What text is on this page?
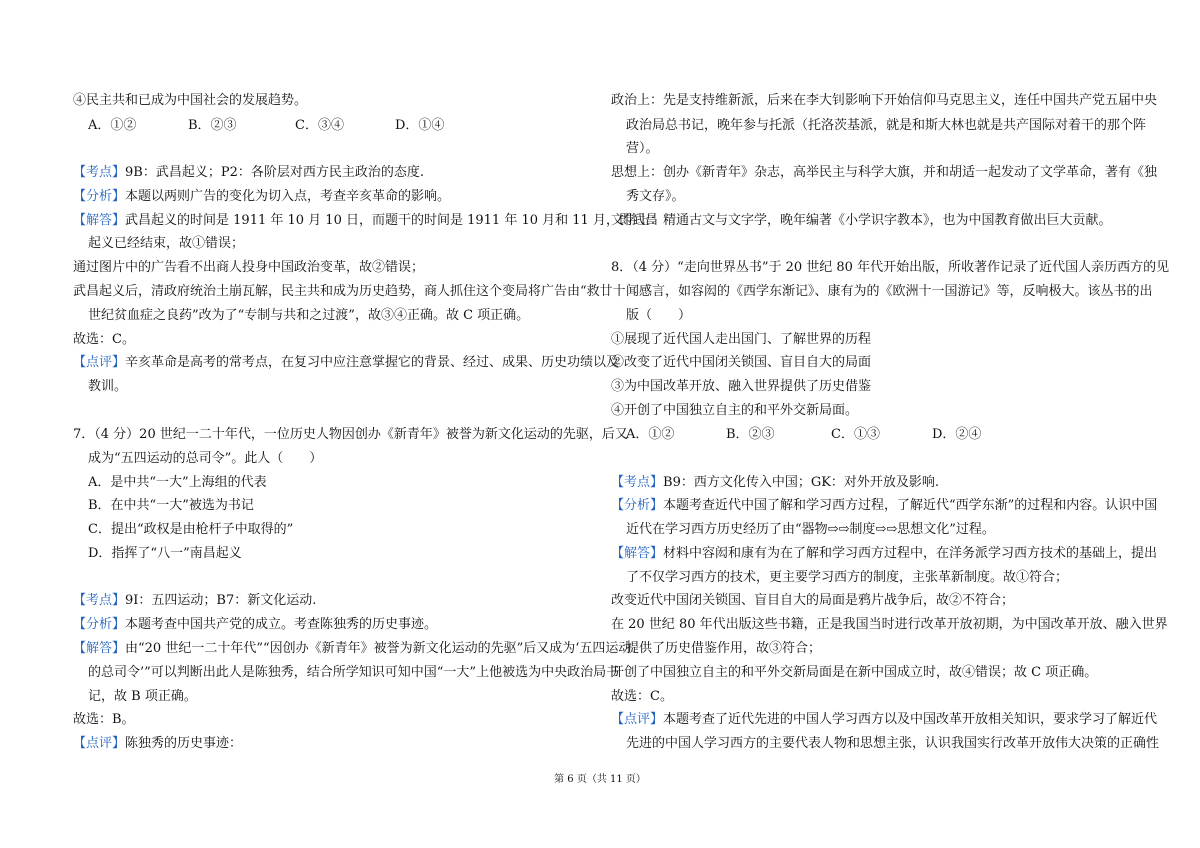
④民主共和已成为中国社会的发展趋势。
A．①②	B．②③	C．③④	D．①④
【考点】9B：武昌起义；P2：各阶层对西方民主政治的态度.
【分析】本题以两则广告的变化为切入点，考查辛亥革命的影响。
【解答】武昌起义的时间是 1911 年 10 月 10 日，而题干的时间是 1911 年 10 月和 11 月，即武昌
起义已经结束，故①错误；
通过图片中的广告看不出商人投身中国政治变革，故②错误；
武昌起义后，清政府统治土崩瓦解，民主共和成为历史趋势，商人抓住这个变局将广告由“救廿十
世纪贫血症之良药”改为了“专制与共和之过渡”，故③④正确。故 C 项正确。
故选：C。
【点评】辛亥革命是高考的常考点，在复习中应注意掌握它的背景、经过、成果、历史功绩以及
教训。
7．（4 分）20 世纪一二十年代，一位历史人物因创办《新青年》被誉为新文化运动的先驱，后又
成为“五四运动的总司令”。此人（　　）
A．是中共“一大”上海组的代表
B．在中共“一大”被选为书记
C．提出“政权是由枪杆子中取得的”
D．指挥了“八一”南昌起义
【考点】9I：五四运动；B7：新文化运动.
【分析】本题考查中国共产党的成立。考查陈独秀的历史事迹。
【解答】由“20 世纪一二十年代”“因创办《新青年》被誉为新文化运动的先驱”后又成为‘五四运动
的总司令’”可以判断出此人是陈独秀，结合所学知识可知中国“一大”上他被选为中央政治局书
记，故 B 项正确。
故选：B。
【点评】陈独秀的历史事迹：
政治上：先是支持维新派，后来在李大钊影响下开始信仰马克思主义，连任中国共产党五届中央
政治局总书记，晚年参与托派（托洛茨基派，就是和斯大林也就是共产国际对着干的那个阵
营）。
思想上：创办《新青年》杂志，高举民主与科学大旗，并和胡适一起发动了文学革命，著有《独
秀文存》。
文学上：精通古文与文字学，晚年编著《小学识字教本》，也为中国教育做出巨大贡献。
8．（4 分）“走向世界丛书”于 20 世纪 80 年代开始出版，所收著作记录了近代国人亲历西方的见
闻感言，如容闳的《西学东渐记》、康有为的《欧洲十一国游记》等，反响极大。该丛书的出
版（　　）
①展现了近代国人走出国门、了解世界的历程
②改变了近代中国闭关锁国、盲目自大的局面
③为中国改革开放、融入世界提供了历史借鉴
④开创了中国独立自主的和平外交新局面。
A．①②	B．②③	C．①③	D．②④
【考点】B9：西方文化传入中国；GK：对外开放及影响.
【分析】本题考查近代中国了解和学习西方过程，了解近代“西学东渐”的过程和内容。认识中国
近代在学习西方历史经历了由“器物⇨⇨制度⇨⇨思想文化”过程。
【解答】材料中容闳和康有为在了解和学习西方过程中，在洋务派学习西方技术的基础上，提出
了不仅学习西方的技术，更主要学习西方的制度，主张革新制度。故①符合；
改变近代中国闭关锁国、盲目自大的局面是鸦片战争后，故②不符合；
在 20 世纪 80 年代出版这些书籍，正是我国当时进行改革开放初期，为中国改革开放、融入世界
提供了历史借鉴作用，故③符合；
开创了中国独立自主的和平外交新局面是在新中国成立时，故④错误；故 C 项正确。
故选：C。
【点评】本题考查了近代先进的中国人学习西方以及中国改革开放相关知识，要求学习了解近代
先进的中国人学习西方的主要代表人物和思想主张，认识我国实行改革开放伟大决策的正确性
第 6 页（共 11 页）
